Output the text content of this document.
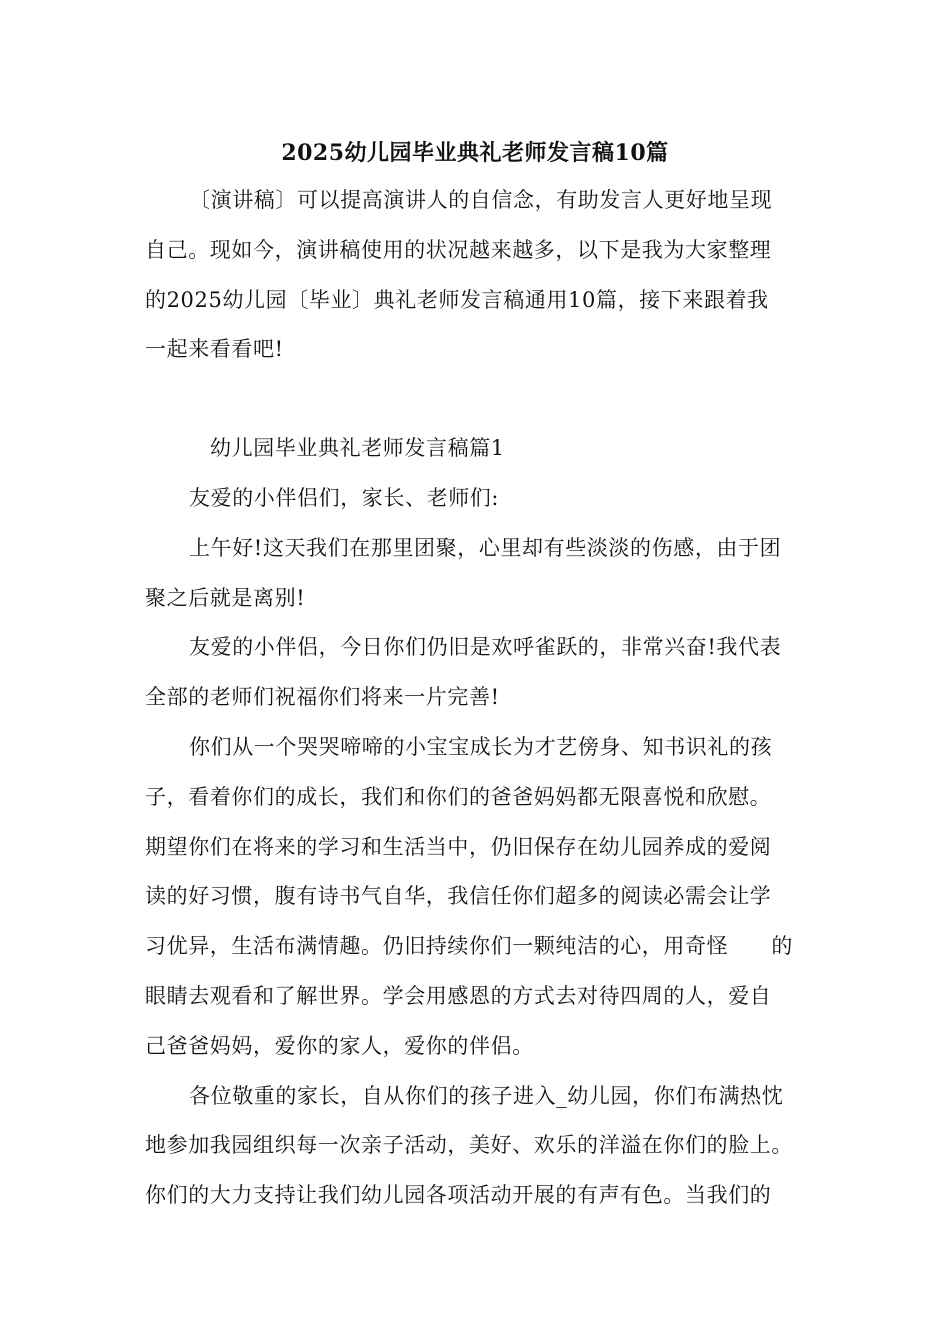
2025幼儿园毕业典礼老师发言稿10篇
〔演讲稿〕可以提高演讲人的自信念，有助发言人更好地呈现
自己。现如今，演讲稿使用的状况越来越多，以下是我为大家整理
的2025幼儿园〔毕业〕典礼老师发言稿通用10篇，接下来跟着我
一起来看看吧!
幼儿园毕业典礼老师发言稿篇1
友爱的小伴侣们，家长、老师们:
上午好!这天我们在那里团聚，心里却有些淡淡的伤感，由于团
聚之后就是离别!
友爱的小伴侣，今日你们仍旧是欢呼雀跃的，非常兴奋!我代表
全部的老师们祝福你们将来一片完善!
你们从一个哭哭啼啼的小宝宝成长为才艺傍身、知书识礼的孩
子，看着你们的成长，我们和你们的爸爸妈妈都无限喜悦和欣慰。
期望你们在将来的学习和生活当中，仍旧保存在幼儿园养成的爱阅
读的好习惯，腹有诗书气自华，我信任你们超多的阅读必需会让学
习优异，生活布满情趣。仍旧持续你们一颗纯洁的心，用奇怪　　的
眼睛去观看和了解世界。学会用感恩的方式去对待四周的人，爱自
己爸爸妈妈，爱你的家人，爱你的伴侣。
各位敬重的家长，自从你们的孩子进入_幼儿园，你们布满热忱
地参加我园组织每一次亲子活动，美好、欢乐的洋溢在你们的脸上。
你们的大力支持让我们幼儿园各项活动开展的有声有色。当我们的
